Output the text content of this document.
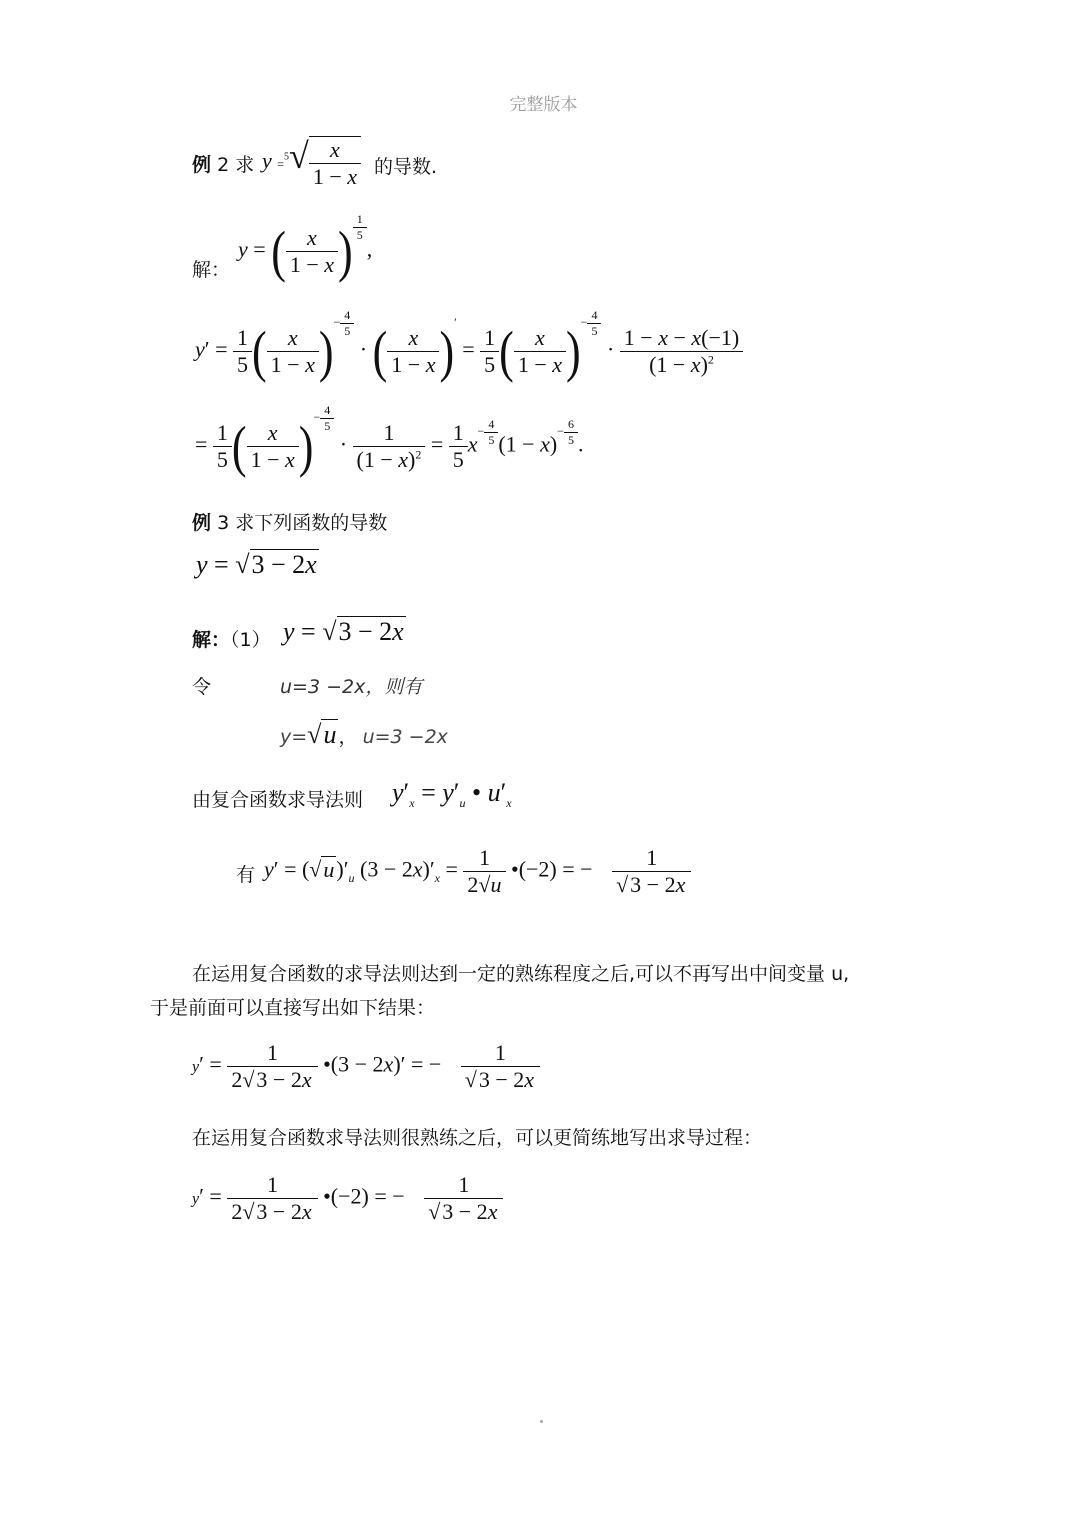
完整版本
例 2 求 $y =^5√ \frac{x}{1 - x}$ 的导数.
解：
y = ( $\frac{x}{1 - x}$ ) $^{\frac{1}{5}}$
,
$y' = \frac{1}{5}$ ( $\frac{x}{1 - x} )^{- \frac{4}{5}}$
· ( $\frac{x}{1 - x} )' = \frac{1}{5}$ ( $\frac{x}{1 - x} )^{- \frac{4}{5}}$
· $\frac{1 - x - x(-1)}{(1 - x)^2}$
= $\frac{1}{5}$ ( $\frac{x}{1 - x} )^{- \frac{4}{5}}$
· $\frac{1}{(1 - x)^2} = \frac{1}{5} x^{- \frac{4}{5}}$ $(1 - x)^{- \frac{6}{5}}$ .
例 3 求下列函数的导数
y = √3 − 2x
解：（1） y = √3 − 2x
令	u=3 −2x，则有
y=√u ， u=3 −2x
由复合函数求导法则 $y'_x = y'_u$ • $u'_x$
有 $y' = (√u)'_u$ $(3 - 2x)'_x = \frac{1}{2√u}$ •(−2) = − $\frac{1}{√3 - 2x}$
在运用复合函数的求导法则达到一定的熟练程度之后,可以不再写出中间变量 u,
于是前面可以直接写出如下结果：
$y' = \frac{1}{2√3 - 2x}$ •(3 − 2x)′ = − $\frac{1}{√3 - 2x}$
在运用复合函数求导法则很熟练之后，可以更简练地写出求导过程：
$y' = \frac{1}{2√3 - 2x}$ •(−2) = − $\frac{1}{√3 - 2x}$
